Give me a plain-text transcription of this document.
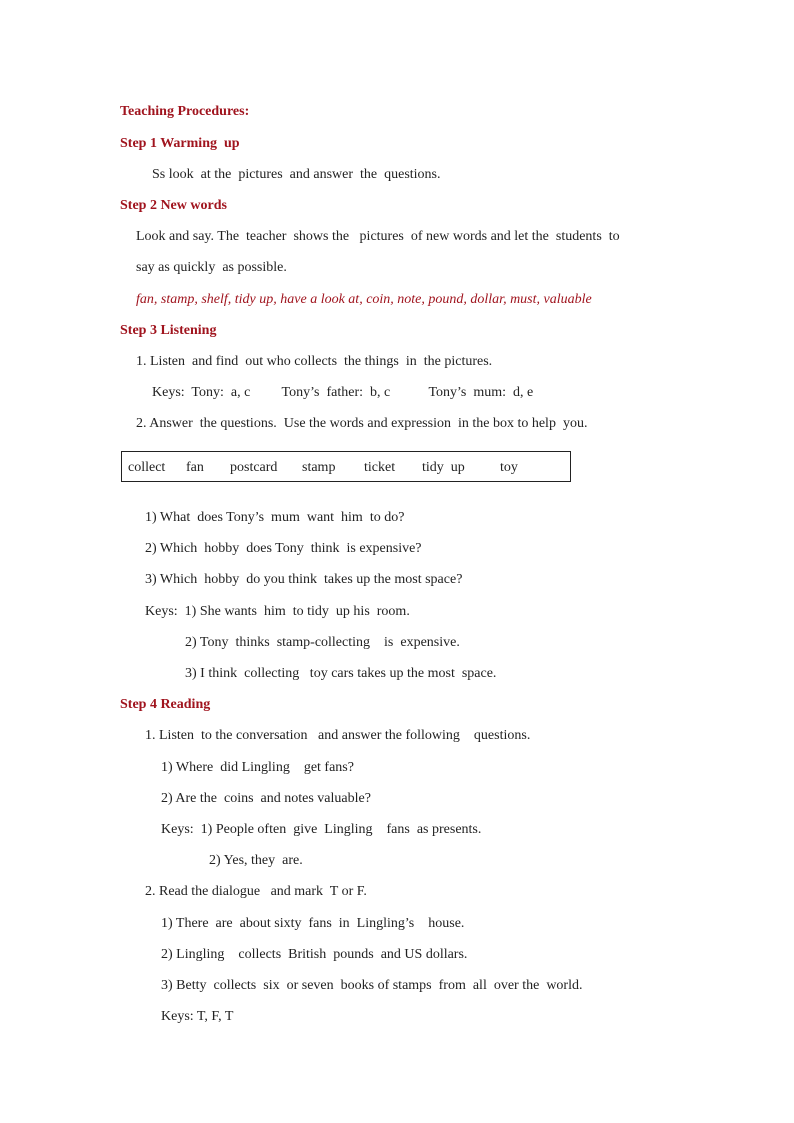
Teaching Procedures:
Step 1 Warming  up
Ss look  at the  pictures  and answer  the  questions.
Step 2 New words
Look and say. The  teacher  shows the   pictures  of new words and let the  students  to
say as quickly  as possible.
fan, stamp, shelf, tidy up, have a look at, coin, note, pound, dollar, must, valuable
Step 3 Listening
1. Listen  and find  out who collects  the things  in  the pictures.
Keys:  Tony:  a, c         Tony’s  father:  b, c           Tony’s  mum:  d, e
2. Answer  the questions.  Use the words and expression  in the box to help  you.
collect fan postcard stamp ticket tidy  up	toy
1) What  does Tony’s  mum  want  him  to do?
2) Which  hobby  does Tony  think  is expensive?
3) Which  hobby  do you think  takes up the most space?
Keys:  1) She wants  him  to tidy  up his  room.
2) Tony  thinks  stamp-collecting    is  expensive.
3) I think  collecting   toy cars takes up the most  space.
Step 4 Reading
1. Listen  to the conversation   and answer the following    questions.
1) Where  did Lingling    get fans?
2) Are the  coins  and notes valuable?
Keys:  1) People often  give  Lingling    fans  as presents.
2) Yes, they  are.
2. Read the dialogue   and mark  T or F.
1) There  are  about sixty  fans  in  Lingling’s    house.
2) Lingling    collects  British  pounds  and US dollars.
3) Betty  collects  six  or seven  books of stamps  from  all  over the  world.
Keys: T, F, T
